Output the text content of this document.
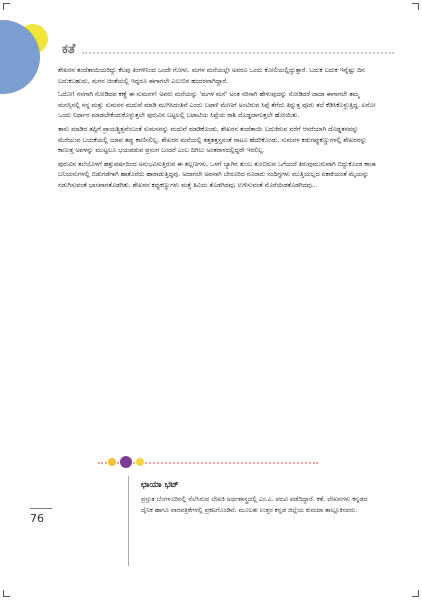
ಕತೆ

ಶೇಖರನ ತಂದೆತಾಯಿಯರಿದ್ದು ಕೆಲವು ತಿಂಗಳಿನಿಂದ ಒಂದೇ ಗೋಳು. ಮಗಳ ಮನೆಯಲ್ಲೇ ಅವರೂ ಒಂದು ಕೋಲಿಯಲ್ಲಿದ್ದುತ್ತಾರೆ. ಬದುಕ ಬದುಕ ಇನ್ನೆಷ್ಟು ದಿನ ಬದುಕಬಹುದು, ಮಗನ ಚಿಂತೆಯಲ್ಲಿ ಇದ್ದರೂ ಈಗಾಗಲೇ ಎಲುಬಿನ ಹಂದರವಾಗಿದ್ದಾರೆ.

ಓದೋ! ನನಗಾಗಿ ನೋಡಿದವ ಕಣ್ಣೆ ಈ ಸುಮನಳ! ಅವರು ಮನೆಯನ್ನು 'ಮಗಳ ಮನೆ' ಅಂತ ಸರಿಸಾಗಿ ಹೇಳುವುದನ್ನು ನೋಡಿದರೆ ದಾದಾ ಈಗಾಗಲೇ ತಮ್ಮ ಮನಸ್ಸಿನಲ್ಲಿ ನನ್ನ ಮತ್ತು ಸುಮನನ ಮದುವೆ ಮಾಡಿ ಮುಗಿಸಿದಂತಿವೆ ಎಂದು ಬಟಾಳಿ ಮೇಣಗೆ ಅಂಟಿರುವ ಸಿಪ್ಪೆ ತೆಗೆದು ತಿನ್ನುತ್ತ ಪೂರು ತಲೆ ಕೆಡಿಸಿಕೊಳ್ಳುತ್ತಿದ್ದ. ಏನೋ ಒಂದು ನಿರ್ಧಾರ ಮಾಡಬೇಕೆಂದುಕೊಳ್ಳುತ್ತಲೇ ಪುರುವಿನ ಬಟ್ಟಲಲ್ಲಿ ಬಟಾಟಿಯ ಸಿಪ್ಪೆಯ ರಾಶಿ ದೊಡ್ಡದಾಗುತ್ತಲೇ ಹೋಯಿತು.

ತಾನು ಮಾಡಿದ ತಪ್ಪಿಗೆ ಪ್ರಾಯಶ್ಚಿತ್ತವೆಂಬಂತೆ ಸುಮನನನ್ನು ಮದುವೆ ಮಾಡಿಕೊಂಡು, ಶೇಖರನ ತಂದೆತಾಯಿ ಬದುಕಿರುವ ವರೆಗೆ ಆಸರೆಯಾಗಿ ದೊಡ್ಡತನವನ್ನು ಮೆರೆಯುವ ಬಯಕೆಯಲ್ಲಿ ಯಾವ ತಪ್ಪು ಕಾಣಿಸಲಿಲ್ಲ. ಶೇಖರನ ಮನೆಯಲ್ಲಿ ತತ್ತತತ್ತಸ್ತನಂತೆ ನಾಟೂ ಹೆದರಿಕೊಂಡು, ಸುಮನಳ ಕಡುಗಪ್ಪುಕಣ್ಣುಗಳಲ್ಲಿ ಶೇಖರನನ್ನು ಕಾಣುತ್ತ ಅವಳನ್ನು ಮುಟ್ಟಲೂ ಭಯಪಡುವ ಪ್ರಸಂಗ ಬಂದರೆ ಎಂಬ ದಿಗಿಲು ಅಂತರಾಳದಲ್ಲಿದ್ದರೇ ಇರಲಿಲ್ಲ.

ಪುರುವಿನ ತಲೆಯೊಳಗೆ ಹತ್ತುವರ್ಷದಿಂದ ಅನುಭವಿಸುತ್ತಿರುವ ಈ ತಲ್ಲಣಗಳು, ಒಳಗೆ ಬ್ಯಾಗಿನ ತುಂಬ ತುಂಬಿರುವ ಒಗೆಯದೆ ತಿರುವುಮುರುವಾಗಿ ಬಿದ್ದುಕೊಂಡ ಕಾಚಾ ಬನಿಯನುಗಳಲ್ಲಿ ಬಿಡುಗಡೆಗಾಗಿ ಹಾತೊರೆದು ಹಾರಾಡುತ್ತಿದ್ದವು. ಅದಾಗಲೇ ಅವನಾಗಿ ಬೇರೂರಿದ ನೂರಾರು ಸಂದಿಗ್ಧಗಳು ಮುತ್ತಿಯಲ್ಲದ ಏಕಾಕಿಯಂತೆ ಮೈಯನ್ನು ನಡುಗಿಸುವಂತೆ ಭಾಸವಾಗತೊಡಗಿತು. ಶೇಖರನ ಕಪ್ಪುಕಣ್ಣುಗಳು ಮತ್ತೆ ತಿವಿಯ ತೊಡಗಿದವು; ಉಳಿಸುವಂತೆ ಮೊರೆಯಿಡತೊಡಗಿದವು...

ಛಾಯಾ ಭಟ್
ಪ್ರಸ್ತುತ ಬೆಂಗಳೂರಿನಲ್ಲಿ ನೆಲೆಸಿರುವ ಲೇಖಕಿ ಅರ್ಥಶಾಸ್ತ್ರದಲ್ಲಿ ಎಂ.ಎ. ಪದವಿ ಪಡೆದಿದ್ದಾರೆ. ಕತೆ, ಲೇಖನಗಳು ಕನ್ನಡದ ದೈನಿಕ ಹಾಗೂ ವಾರಪತ್ರಿಕೆಗಳಲ್ಲಿ ಪ್ರಕಟಗೊಂಡಿವೆ. ಮೂಲತಃ ಉತ್ತರ ಕನ್ನಡ ಜಿಲ್ಲೆಯ ಕುಮಟಾ ತಾಲ್ಲೂಕಿನವರು.
76
